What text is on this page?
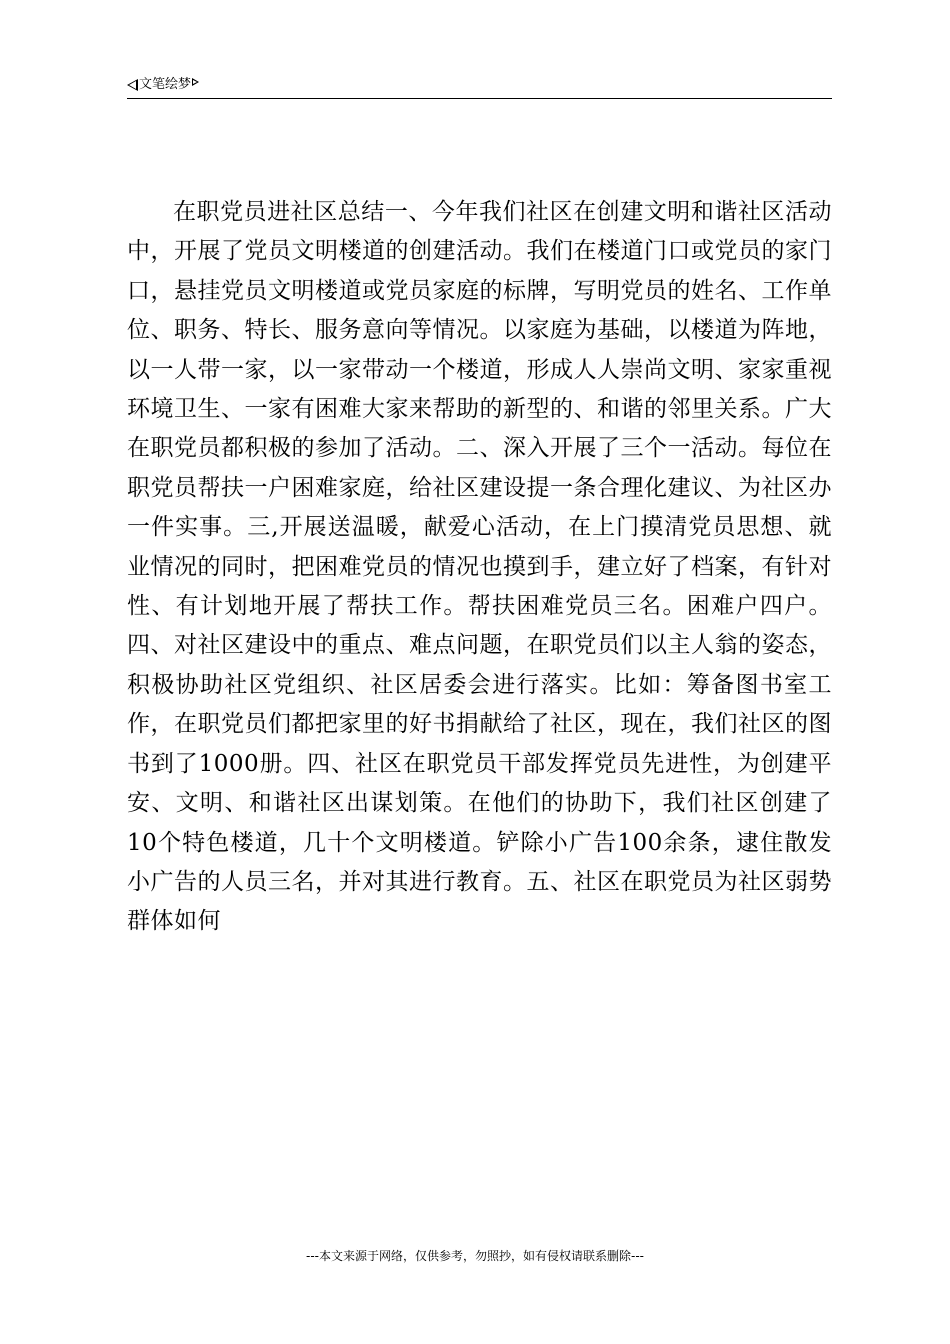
文笔绘梦

在职党员进社区总结一、今年我们社区在创建文明和谐社区活动中，开展了党员文明楼道的创建活动。我们在楼道门口或党员的家门口，悬挂党员文明楼道或党员家庭的标牌，写明党员的姓名、工作单位、职务、特长、服务意向等情况。以家庭为基础，以楼道为阵地，以一人带一家，以一家带动一个楼道，形成人人崇尚文明、家家重视环境卫生、一家有困难大家来帮助的新型的、和谐的邻里关系。广大在职党员都积极的参加了活动。二、深入开展了三个一活动。每位在职党员帮扶一户困难家庭，给社区建设提一条合理化建议、为社区办一件实事。三,开展送温暖，献爱心活动，在上门摸清党员思想、就业情况的同时，把困难党员的情况也摸到手，建立好了档案，有针对性、有计划地开展了帮扶工作。帮扶困难党员三名。困难户四户。四、对社区建设中的重点、难点问题，在职党员们以主人翁的姿态，积极协助社区党组织、社区居委会进行落实。比如：筹备图书室工作，在职党员们都把家里的好书捐献给了社区，现在，我们社区的图书到了1000册。四、社区在职党员干部发挥党员先进性，为创建平安、文明、和谐社区出谋划策。在他们的协助下，我们社区创建了10个特色楼道，几十个文明楼道。铲除小广告100余条，逮住散发小广告的人员三名，并对其进行教育。五、社区在职党员为社区弱势群体如何

---本文来源于网络，仅供参考，勿照抄，如有侵权请联系删除---
